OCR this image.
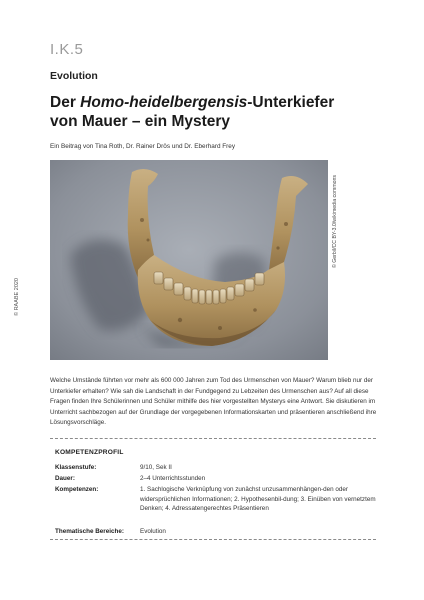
I.K.5
Evolution
Der Homo-heidelbergensis-Unterkiefer
von Mauer – ein Mystery
Ein Beitrag von Tina Roth, Dr. Rainer Drös und Dr. Eberhard Frey
© Gerbil/CC BY-3.0/wikimedia commons
© RAABE 2020
Welche Umstände führten vor mehr als 600 000 Jahren zum Tod des Urmenschen von Mauer? Warum blieb nur der Unterkiefer erhalten? Wie sah die Landschaft in der Fundgegend zu Lebzeiten des Urmenschen aus? Auf all diese Fragen finden Ihre Schülerinnen und Schüler mithilfe des hier vorgestellten Mysterys eine Antwort. Sie diskutieren im Unterricht sachbezogen auf der Grundlage der vorgegebenen Informationskarten und präsentieren anschließend ihre Lösungsvorschläge.
KOMPETENZPROFIL
Klassenstufe:	9/10, Sek II
Dauer:	2–4 Unterrichtsstunden
Kompetenzen:	1. Sachlogische Verknüpfung von zunächst unzusammenhängen-den oder widersprüchlichen Informationen; 2. Hypothesenbil-dung; 3. Einüben von vernetztem Denken; 4. Adressatengerechtes Präsentieren
Thematische Bereiche:	Evolution
